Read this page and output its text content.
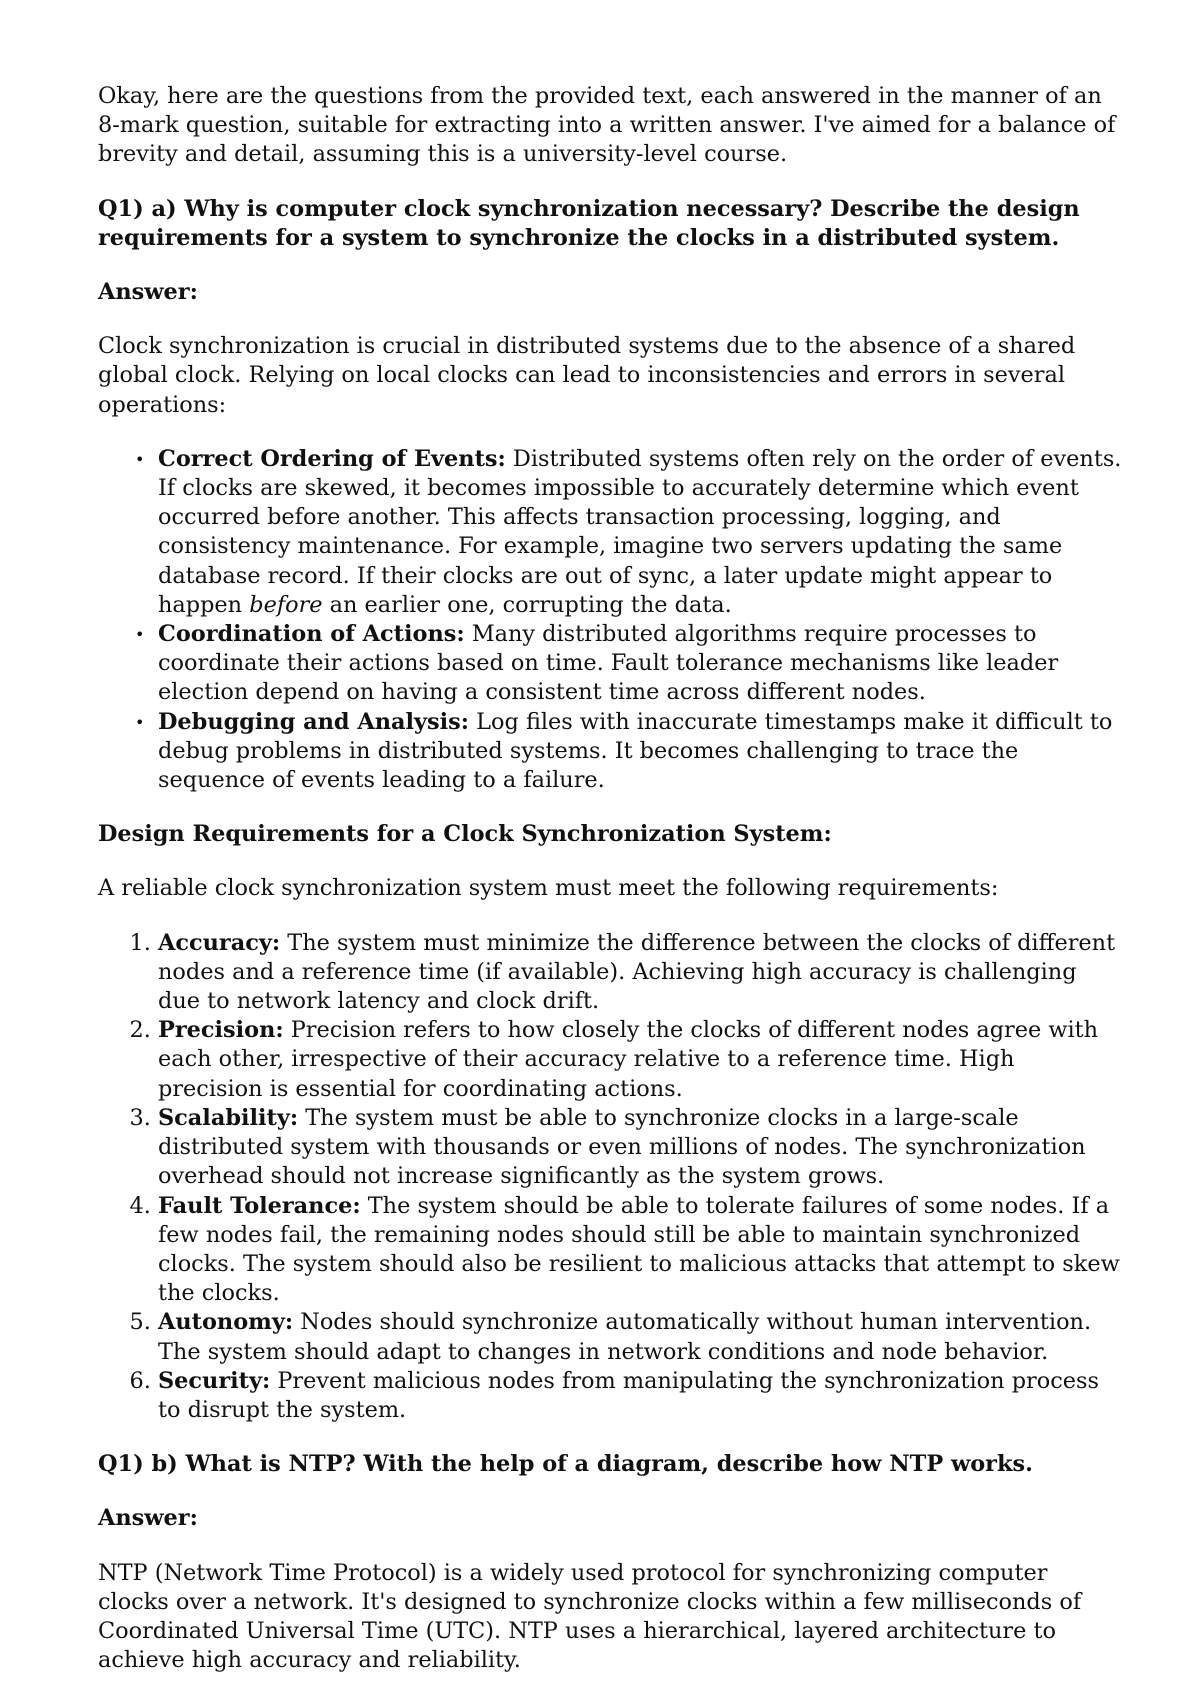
Okay, here are the questions from the provided text, each answered in the manner of an 8-mark question, suitable for extracting into a written answer. I've aimed for a balance of brevity and detail, assuming this is a university-level course.

Q1) a) Why is computer clock synchronization necessary? Describe the design requirements for a system to synchronize the clocks in a distributed system.

Answer:

Clock synchronization is crucial in distributed systems due to the absence of a shared global clock. Relying on local clocks can lead to inconsistencies and errors in several operations:

• Correct Ordering of Events: Distributed systems often rely on the order of events. If clocks are skewed, it becomes impossible to accurately determine which event occurred before another. This affects transaction processing, logging, and consistency maintenance. For example, imagine two servers updating the same database record. If their clocks are out of sync, a later update might appear to happen before an earlier one, corrupting the data.
• Coordination of Actions: Many distributed algorithms require processes to coordinate their actions based on time. Fault tolerance mechanisms like leader election depend on having a consistent time across different nodes.
• Debugging and Analysis: Log files with inaccurate timestamps make it difficult to debug problems in distributed systems. It becomes challenging to trace the sequence of events leading to a failure.

Design Requirements for a Clock Synchronization System:

A reliable clock synchronization system must meet the following requirements:

1. Accuracy: The system must minimize the difference between the clocks of different nodes and a reference time (if available). Achieving high accuracy is challenging due to network latency and clock drift.
2. Precision: Precision refers to how closely the clocks of different nodes agree with each other, irrespective of their accuracy relative to a reference time. High precision is essential for coordinating actions.
3. Scalability: The system must be able to synchronize clocks in a large-scale distributed system with thousands or even millions of nodes. The synchronization overhead should not increase significantly as the system grows.
4. Fault Tolerance: The system should be able to tolerate failures of some nodes. If a few nodes fail, the remaining nodes should still be able to maintain synchronized clocks. The system should also be resilient to malicious attacks that attempt to skew the clocks.
5. Autonomy: Nodes should synchronize automatically without human intervention. The system should adapt to changes in network conditions and node behavior.
6. Security: Prevent malicious nodes from manipulating the synchronization process to disrupt the system.

Q1) b) What is NTP? With the help of a diagram, describe how NTP works.

Answer:

NTP (Network Time Protocol) is a widely used protocol for synchronizing computer clocks over a network. It's designed to synchronize clocks within a few milliseconds of Coordinated Universal Time (UTC). NTP uses a hierarchical, layered architecture to achieve high accuracy and reliability.
